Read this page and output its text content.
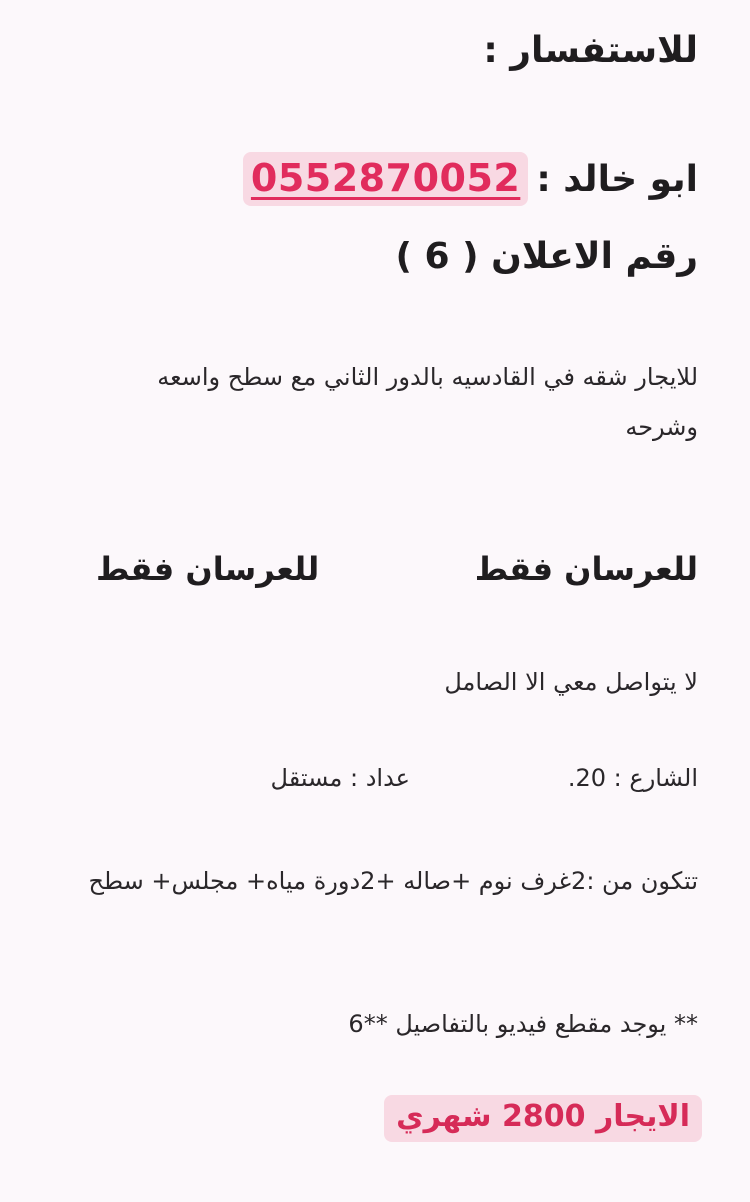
للاستفسار :
ابو خالد :0552870052
رقم الاعلان ( 6 )
للايجار شقه في القادسيه بالدور الثاني مع سطح واسعه وشرحه
للعرسان فقط
للعرسان فقط
لا يتواصل معي الا الصامل
الشارع : 20.
عداد : مستقل
تتكون من :2غرف نوم +صاله +2دورة مياه+ مجلس+ سطح
** يوجد مقطع فيديو بالتفاصيل **6
الايجار 2800 شهري
